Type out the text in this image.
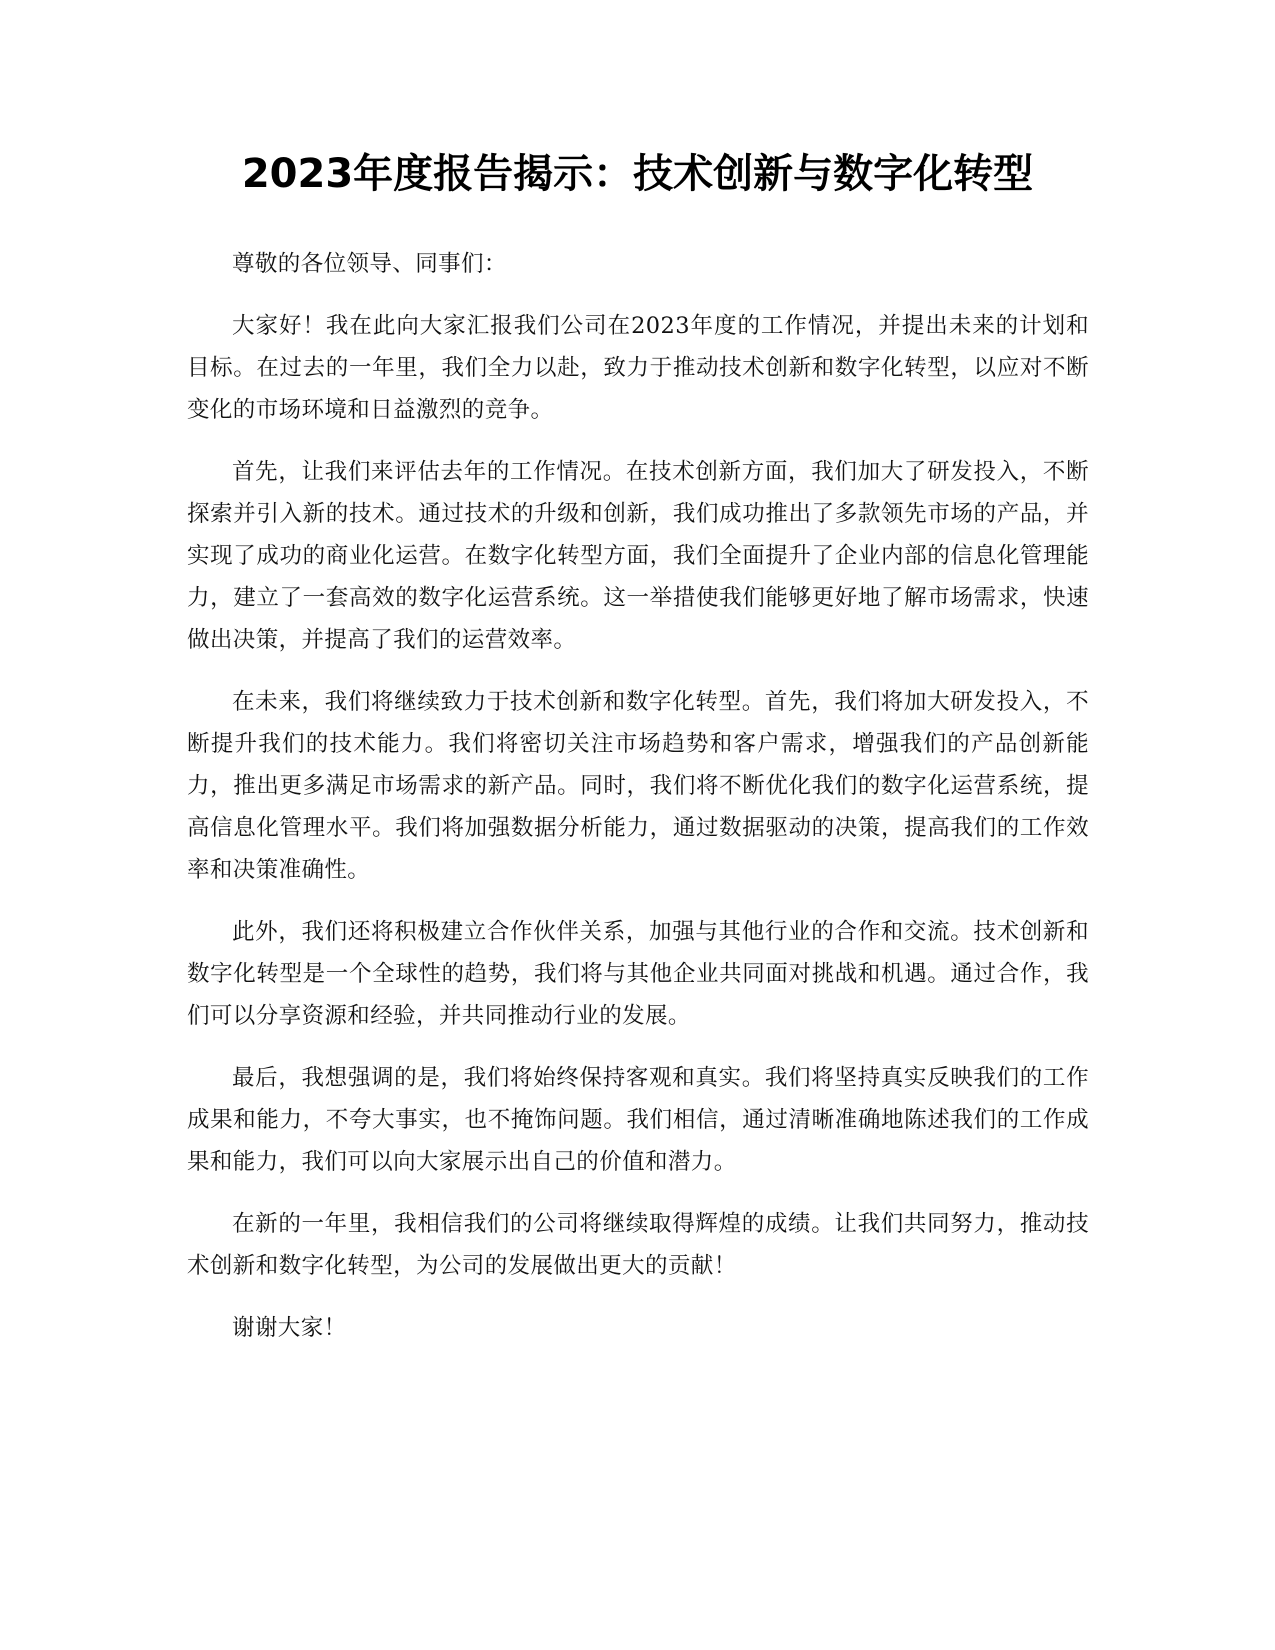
2023年度报告揭示：技术创新与数字化转型

尊敬的各位领导、同事们：

大家好！我在此向大家汇报我们公司在2023年度的工作情况，并提出未来的计划和目标。在过去的一年里，我们全力以赴，致力于推动技术创新和数字化转型，以应对不断变化的市场环境和日益激烈的竞争。

首先，让我们来评估去年的工作情况。在技术创新方面，我们加大了研发投入，不断探索并引入新的技术。通过技术的升级和创新，我们成功推出了多款领先市场的产品，并实现了成功的商业化运营。在数字化转型方面，我们全面提升了企业内部的信息化管理能力，建立了一套高效的数字化运营系统。这一举措使我们能够更好地了解市场需求，快速做出决策，并提高了我们的运营效率。

在未来，我们将继续致力于技术创新和数字化转型。首先，我们将加大研发投入，不断提升我们的技术能力。我们将密切关注市场趋势和客户需求，增强我们的产品创新能力，推出更多满足市场需求的新产品。同时，我们将不断优化我们的数字化运营系统，提高信息化管理水平。我们将加强数据分析能力，通过数据驱动的决策，提高我们的工作效率和决策准确性。

此外，我们还将积极建立合作伙伴关系，加强与其他行业的合作和交流。技术创新和数字化转型是一个全球性的趋势，我们将与其他企业共同面对挑战和机遇。通过合作，我们可以分享资源和经验，并共同推动行业的发展。

最后，我想强调的是，我们将始终保持客观和真实。我们将坚持真实反映我们的工作成果和能力，不夸大事实，也不掩饰问题。我们相信，通过清晰准确地陈述我们的工作成果和能力，我们可以向大家展示出自己的价值和潜力。

在新的一年里，我相信我们的公司将继续取得辉煌的成绩。让我们共同努力，推动技术创新和数字化转型，为公司的发展做出更大的贡献！

谢谢大家！
